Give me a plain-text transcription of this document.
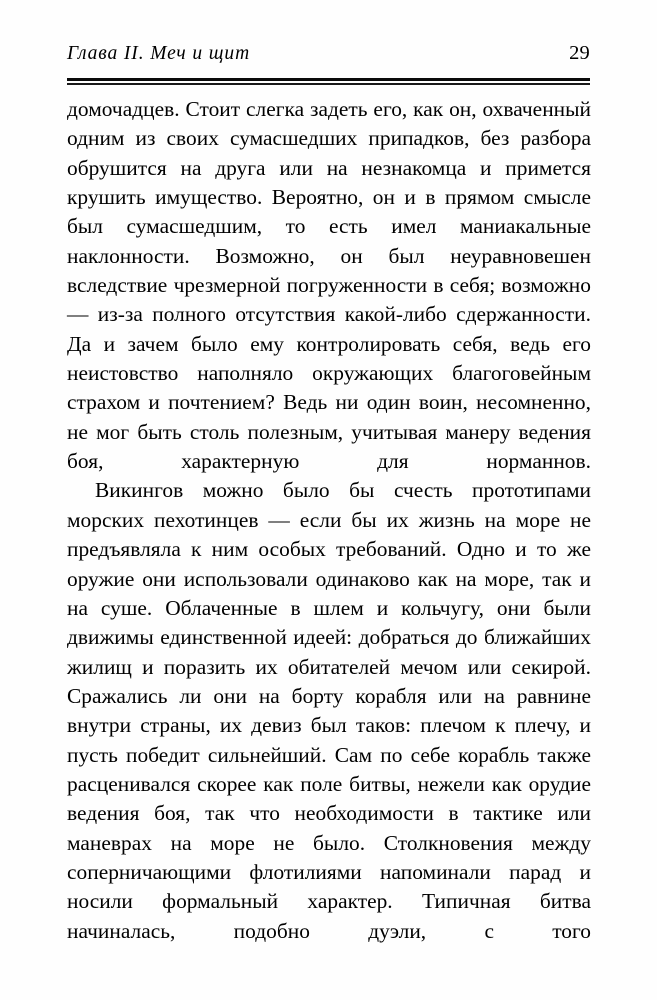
Глава II. Меч и щит	29

домочадцев. Стоит слегка задеть его, как он, охваченный одним из своих сумасшедших припадков, без разбора обрушится на друга или на незнакомца и примется крушить имущество. Вероятно, он и в прямом смысле был сумасшедшим, то есть имел маниакальные наклонности. Возможно, он был неуравновешен вследствие чрезмерной погруженности в себя; возможно — из-за полного отсутствия какой-либо сдержанности. Да и зачем было ему контролировать себя, ведь его неистовство наполняло окружающих благоговейным страхом и почтением? Ведь ни один воин, несомненно, не мог быть столь полезным, учитывая манеру ведения боя, характерную для норманнов.

Викингов можно было бы счесть прототипами морских пехотинцев — если бы их жизнь на море не предъявляла к ним особых требований. Одно и то же оружие они использовали одинаково как на море, так и на суше. Облаченные в шлем и кольчугу, они были движимы единственной идеей: добраться до ближайших жилищ и поразить их обитателей мечом или секирой. Сражались ли они на борту корабля или на равнине внутри страны, их девиз был таков: плечом к плечу, и пусть победит сильнейший. Сам по себе корабль также расценивался скорее как поле битвы, нежели как орудие ведения боя, так что необходимости в тактике или маневрах на море не было. Столкновения между соперничающими флотилиями напоминали парад и носили формальный характер. Типичная битва начиналась, подобно дуэли, с того
